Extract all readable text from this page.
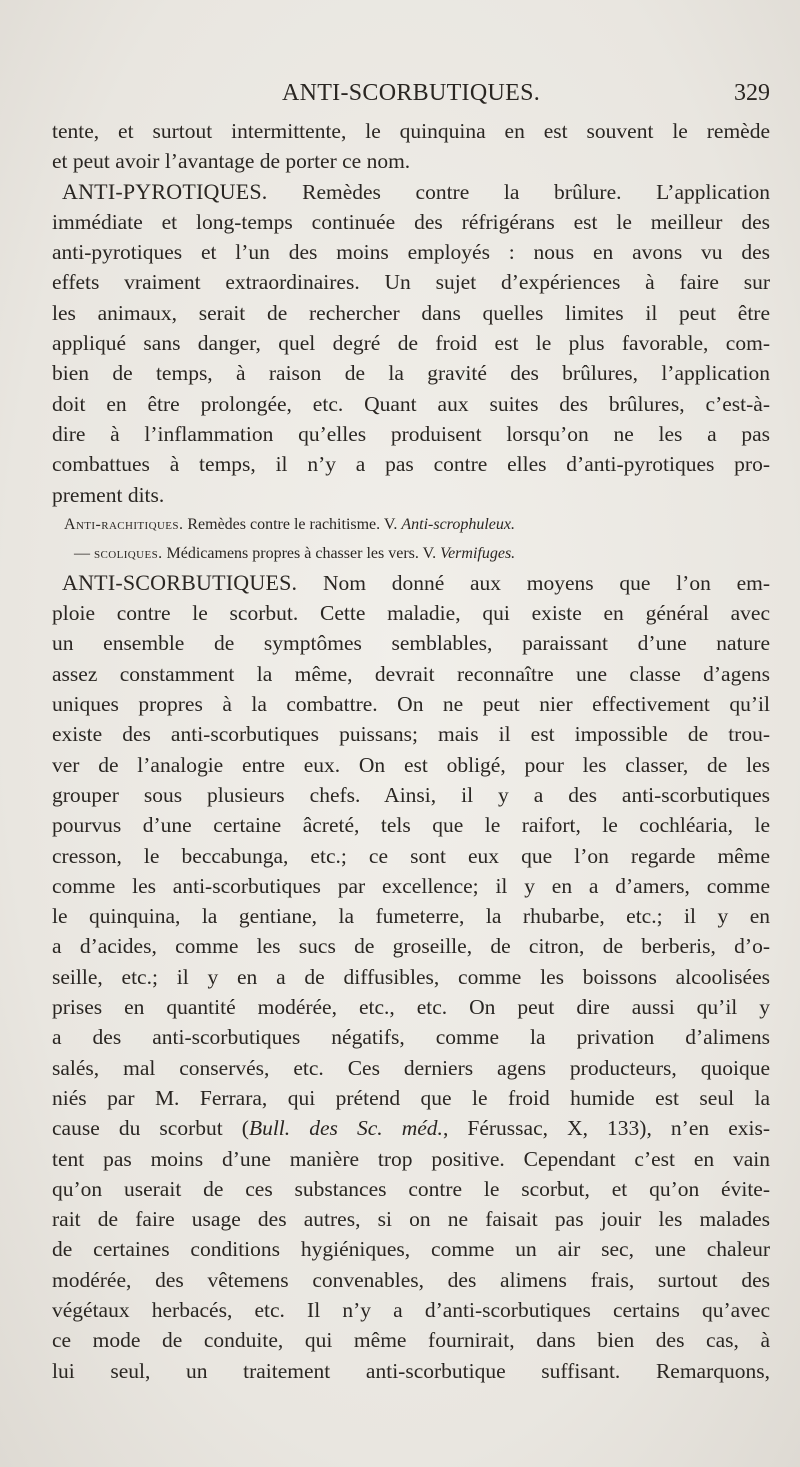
ANTI-SCORBUTIQUES.	329
tente, et surtout intermittente, le quinquina en est souvent le remède
et peut avoir l’avantage de porter ce nom.
ANTI-PYROTIQUES. Remèdes contre la brûlure. L’application
immédiate et long-temps continuée des réfrigérans est le meilleur des
anti-pyrotiques et l’un des moins employés : nous en avons vu des
effets vraiment extraordinaires. Un sujet d’expériences à faire sur
les animaux, serait de rechercher dans quelles limites il peut être
appliqué sans danger, quel degré de froid est le plus favorable, com-
bien de temps, à raison de la gravité des brûlures, l’application
doit en être prolongée, etc. Quant aux suites des brûlures, c’est-à-
dire à l’inflammation qu’elles produisent lorsqu’on ne les a pas
combattues à temps, il n’y a pas contre elles d’anti-pyrotiques pro-
prement dits.
Anti-rachitiques. Remèdes contre le rachitisme. V. Anti-scrophuleux.
— scoliques. Médicamens propres à chasser les vers. V. Vermifuges.
ANTI-SCORBUTIQUES. Nom donné aux moyens que l’on em-
ploie contre le scorbut. Cette maladie, qui existe en général avec
un ensemble de symptômes semblables, paraissant d’une nature
assez constamment la même, devrait reconnaître une classe d’agens
uniques propres à la combattre. On ne peut nier effectivement qu’il
existe des anti-scorbutiques puissans; mais il est impossible de trou-
ver de l’analogie entre eux. On est obligé, pour les classer, de les
grouper sous plusieurs chefs. Ainsi, il y a des anti-scorbutiques
pourvus d’une certaine âcreté, tels que le raifort, le cochléaria, le
cresson, le beccabunga, etc.; ce sont eux que l’on regarde même
comme les anti-scorbutiques par excellence; il y en a d’amers, comme
le quinquina, la gentiane, la fumeterre, la rhubarbe, etc.; il y en
a d’acides, comme les sucs de groseille, de citron, de berberis, d’o-
seille, etc.; il y en a de diffusibles, comme les boissons alcoolisées
prises en quantité modérée, etc., etc. On peut dire aussi qu’il y
a des anti-scorbutiques négatifs, comme la privation d’alimens
salés, mal conservés, etc. Ces derniers agens producteurs, quoique
niés par M. Ferrara, qui prétend que le froid humide est seul la
cause du scorbut (Bull. des Sc. méd., Férussac, X, 133), n’en exis-
tent pas moins d’une manière trop positive. Cependant c’est en vain
qu’on userait de ces substances contre le scorbut, et qu’on évite-
rait de faire usage des autres, si on ne faisait pas jouir les malades
de certaines conditions hygiéniques, comme un air sec, une chaleur
modérée, des vêtemens convenables, des alimens frais, surtout des
végétaux herbacés, etc. Il n’y a d’anti-scorbutiques certains qu’avec
ce mode de conduite, qui même fournirait, dans bien des cas, à
lui seul, un traitement anti-scorbutique suffisant. Remarquons,
